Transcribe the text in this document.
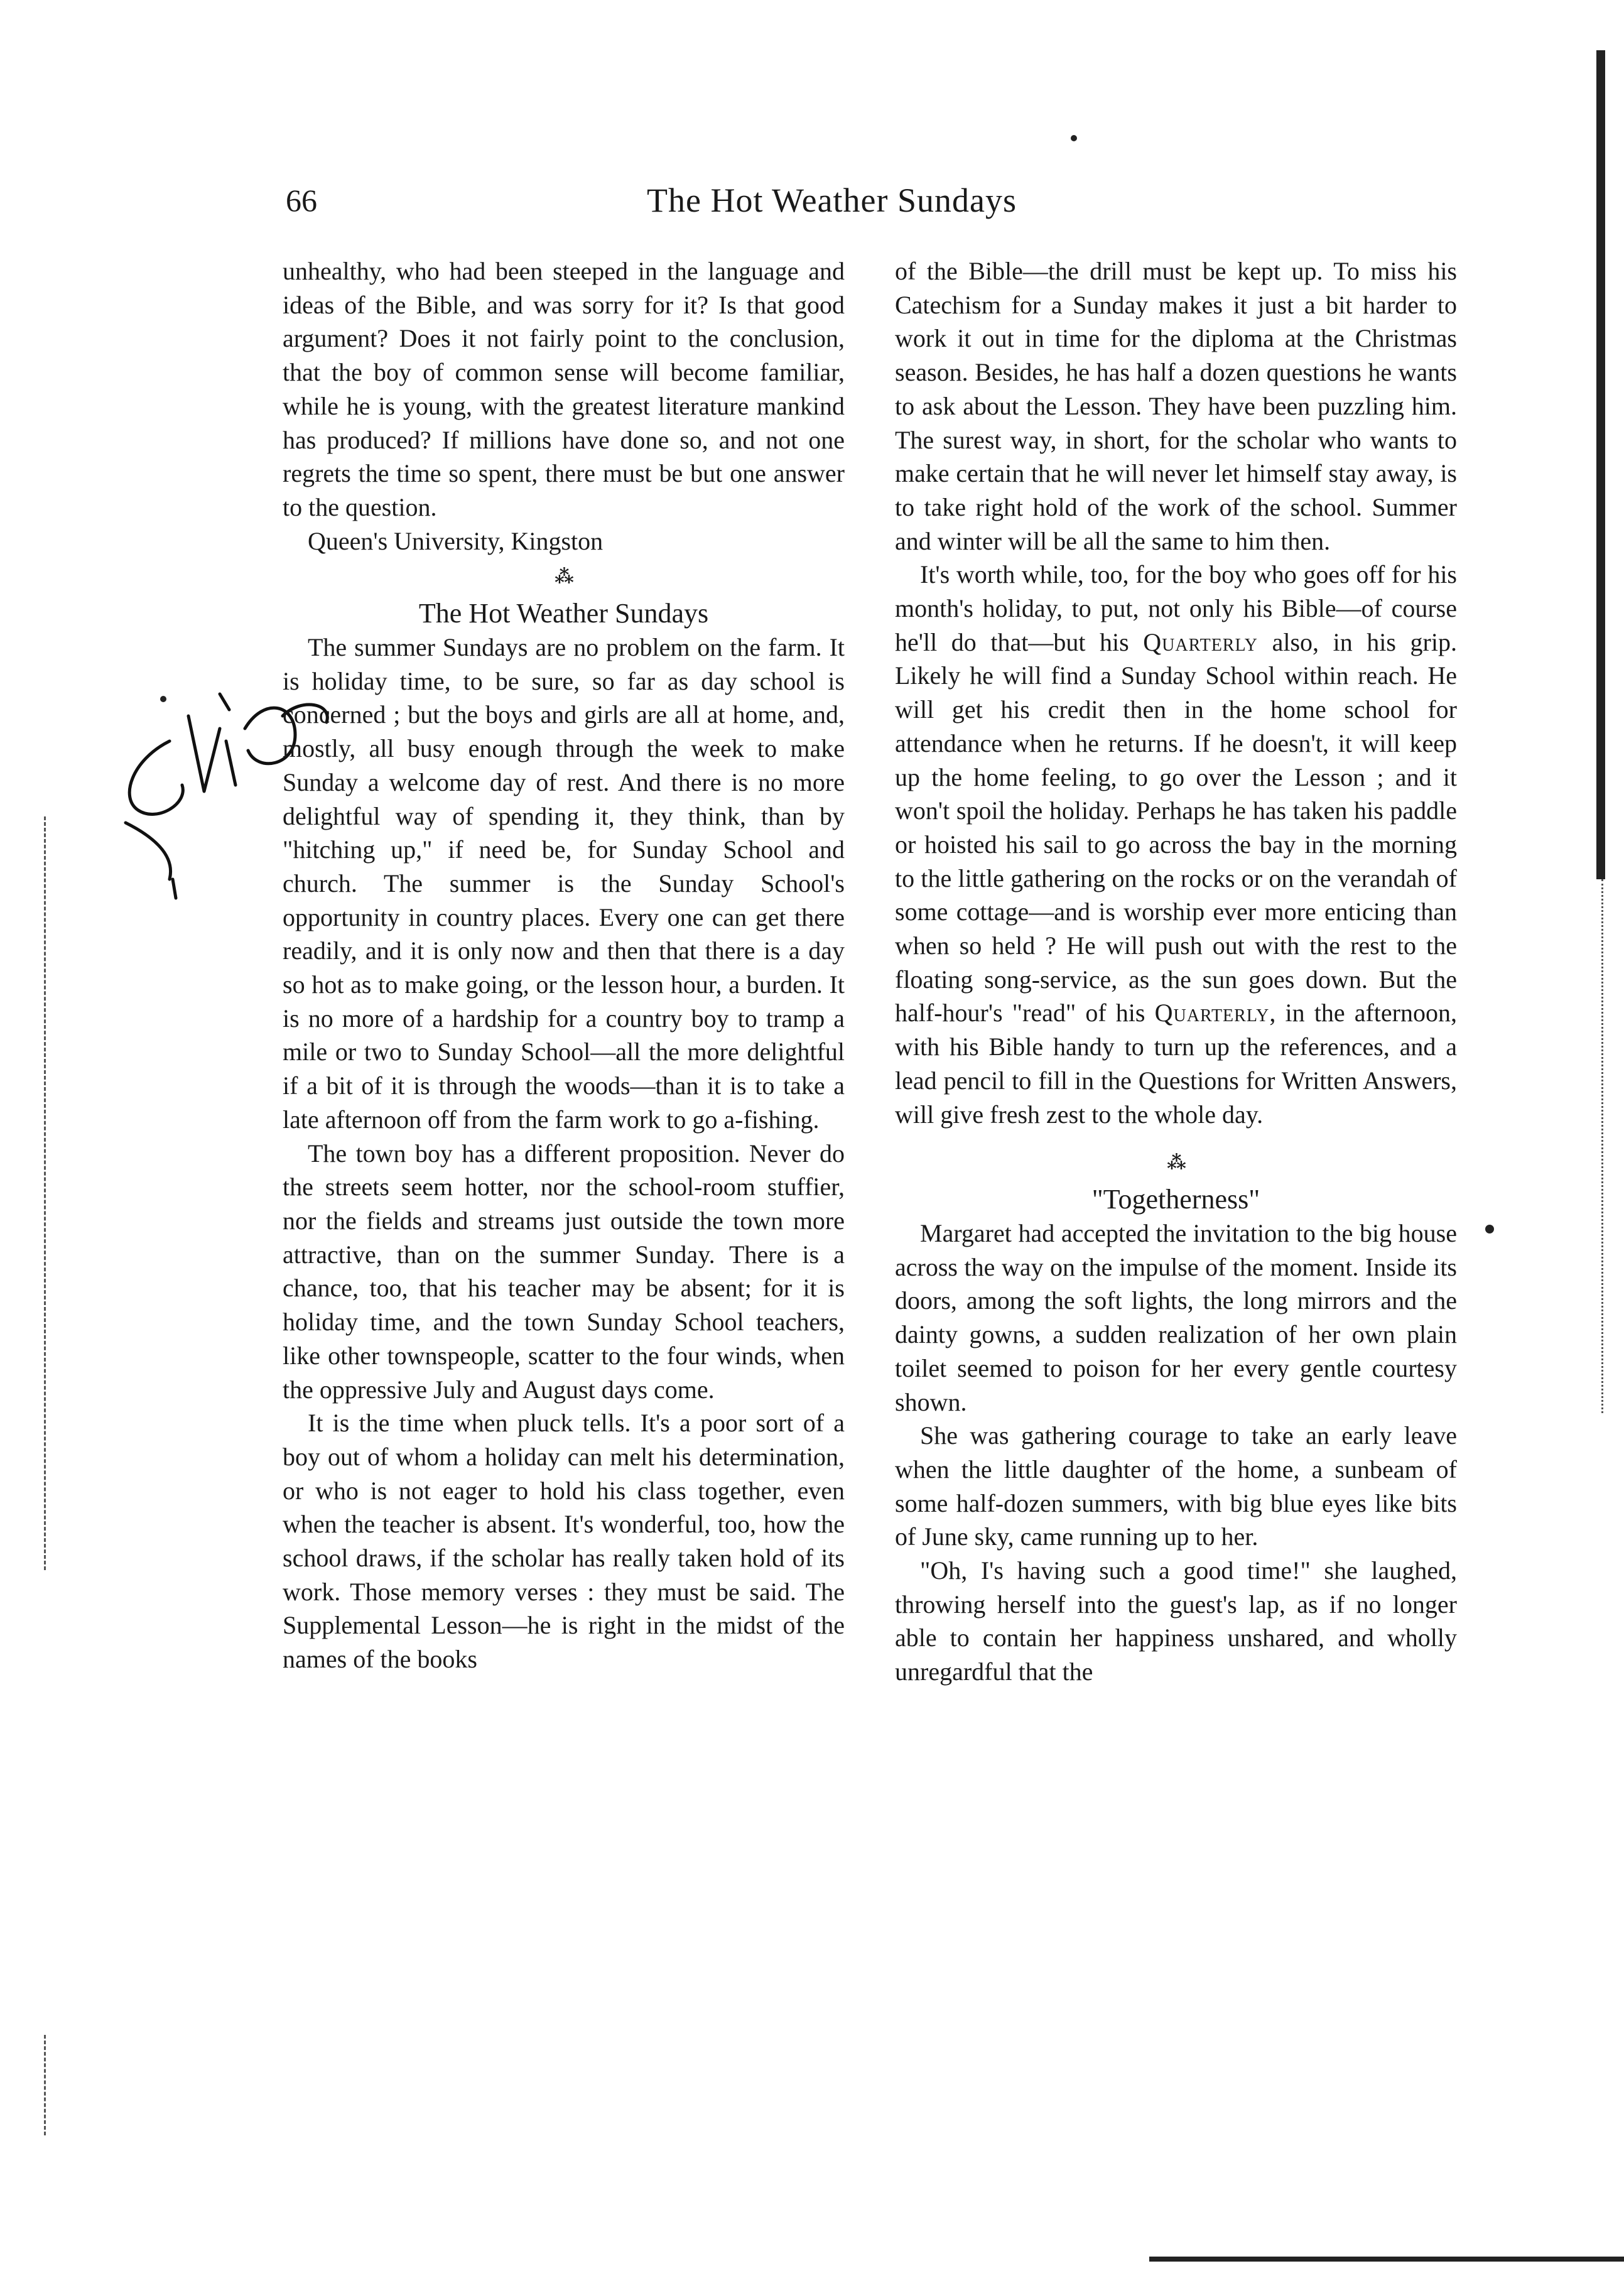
66	The Hot Weather Sundays

unhealthy, who had been steeped in the language and ideas of the Bible, and was sorry for it? Is that good argument? Does it not fairly point to the conclusion, that the boy of common sense will become familiar, while he is young, with the greatest literature mankind has produced? If millions have done so, and not one regrets the time so spent, there must be but one answer to the question.

Queen's University, Kingston

⁂
The Hot Weather Sundays

The summer Sundays are no problem on the farm. It is holiday time, to be sure, so far as day school is concerned ; but the boys and girls are all at home, and, mostly, all busy enough through the week to make Sunday a welcome day of rest. And there is no more delightful way of spending it, they think, than by "hitching up," if need be, for Sunday School and church. The summer is the Sunday School's opportunity in country places. Every one can get there readily, and it is only now and then that there is a day so hot as to make going, or the lesson hour, a burden. It is no more of a hardship for a country boy to tramp a mile or two to Sunday School—all the more delightful if a bit of it is through the woods—than it is to take a late afternoon off from the farm work to go a-fishing.

The town boy has a different proposition. Never do the streets seem hotter, nor the school-room stuffier, nor the fields and streams just outside the town more attractive, than on the summer Sunday. There is a chance, too, that his teacher may be absent; for it is holiday time, and the town Sunday School teachers, like other townspeople, scatter to the four winds, when the oppressive July and August days come.

It is the time when pluck tells. It's a poor sort of a boy out of whom a holiday can melt his determination, or who is not eager to hold his class together, even when the teacher is absent. It's wonderful, too, how the school draws, if the scholar has really taken hold of its work. Those memory verses : they must be said. The Supplemental Lesson—he is right in the midst of the names of the books

of the Bible—the drill must be kept up. To miss his Catechism for a Sunday makes it just a bit harder to work it out in time for the diploma at the Christmas season. Besides, he has half a dozen questions he wants to ask about the Lesson. They have been puzzling him. The surest way, in short, for the scholar who wants to make certain that he will never let himself stay away, is to take right hold of the work of the school. Summer and winter will be all the same to him then.

It's worth while, too, for the boy who goes off for his month's holiday, to put, not only his Bible—of course he'll do that—but his Quarterly also, in his grip. Likely he will find a Sunday School within reach. He will get his credit then in the home school for attendance when he returns. If he doesn't, it will keep up the home feeling, to go over the Lesson ; and it won't spoil the holiday. Perhaps he has taken his paddle or hoisted his sail to go across the bay in the morning to the little gathering on the rocks or on the verandah of some cottage—and is worship ever more enticing than when so held ? He will push out with the rest to the floating song-service, as the sun goes down. But the half-hour's "read" of his Quarterly, in the afternoon, with his Bible handy to turn up the references, and a lead pencil to fill in the Questions for Written Answers, will give fresh zest to the whole day.

⁂
"Togetherness"

Margaret had accepted the invitation to the big house across the way on the impulse of the moment. Inside its doors, among the soft lights, the long mirrors and the dainty gowns, a sudden realization of her own plain toilet seemed to poison for her every gentle courtesy shown.

She was gathering courage to take an early leave when the little daughter of the home, a sunbeam of some half-dozen summers, with big blue eyes like bits of June sky, came running up to her.

"Oh, I's having such a good time!" she laughed, throwing herself into the guest's lap, as if no longer able to contain her happiness unshared, and wholly unregardful that the
